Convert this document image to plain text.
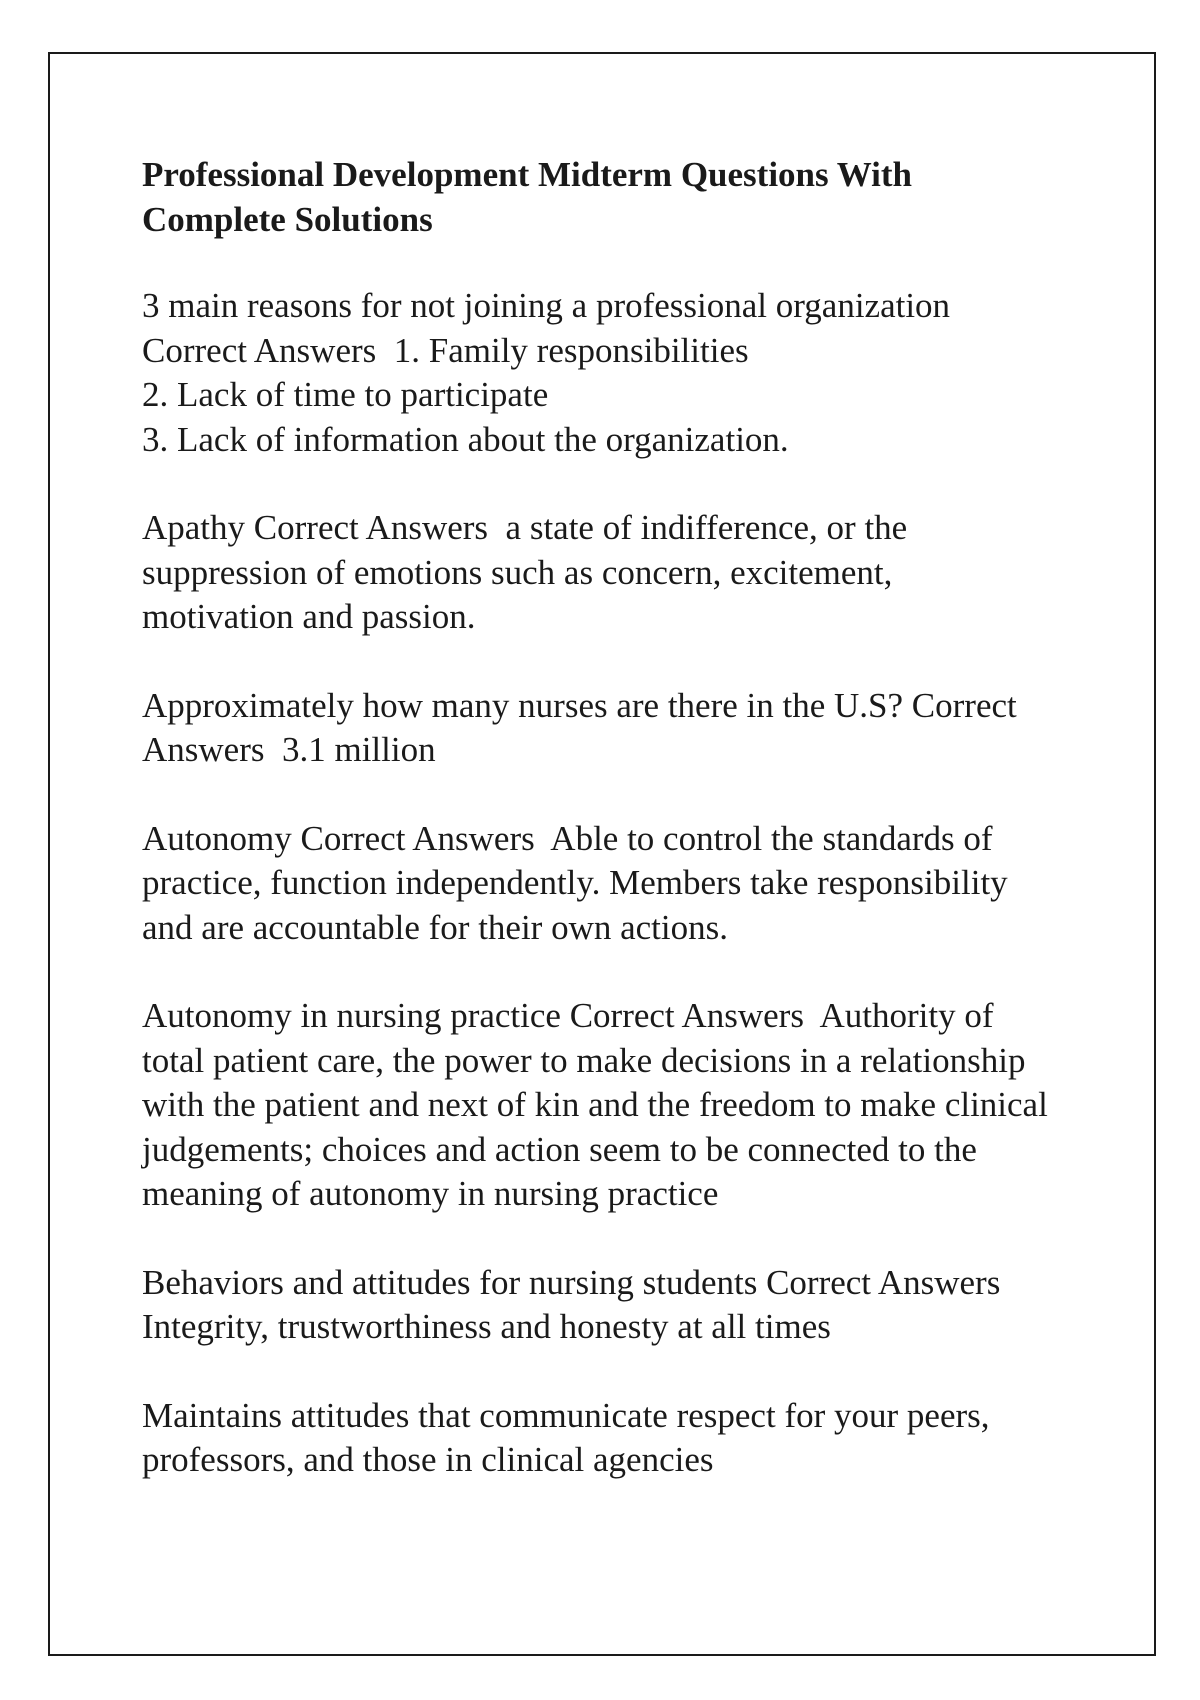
Professional Development Midterm Questions With
Complete Solutions
3 main reasons for not joining a professional organization
Correct Answers  1. Family responsibilities
2. Lack of time to participate
3. Lack of information about the organization.
Apathy Correct Answers  a state of indifference, or the
suppression of emotions such as concern, excitement,
motivation and passion.
Approximately how many nurses are there in the U.S? Correct
Answers  3.1 million
Autonomy Correct Answers  Able to control the standards of
practice, function independently. Members take responsibility
and are accountable for their own actions.
Autonomy in nursing practice Correct Answers  Authority of
total patient care, the power to make decisions in a relationship
with the patient and next of kin and the freedom to make clinical
judgements; choices and action seem to be connected to the
meaning of autonomy in nursing practice
Behaviors and attitudes for nursing students Correct Answers
Integrity, trustworthiness and honesty at all times
Maintains attitudes that communicate respect for your peers,
professors, and those in clinical agencies
